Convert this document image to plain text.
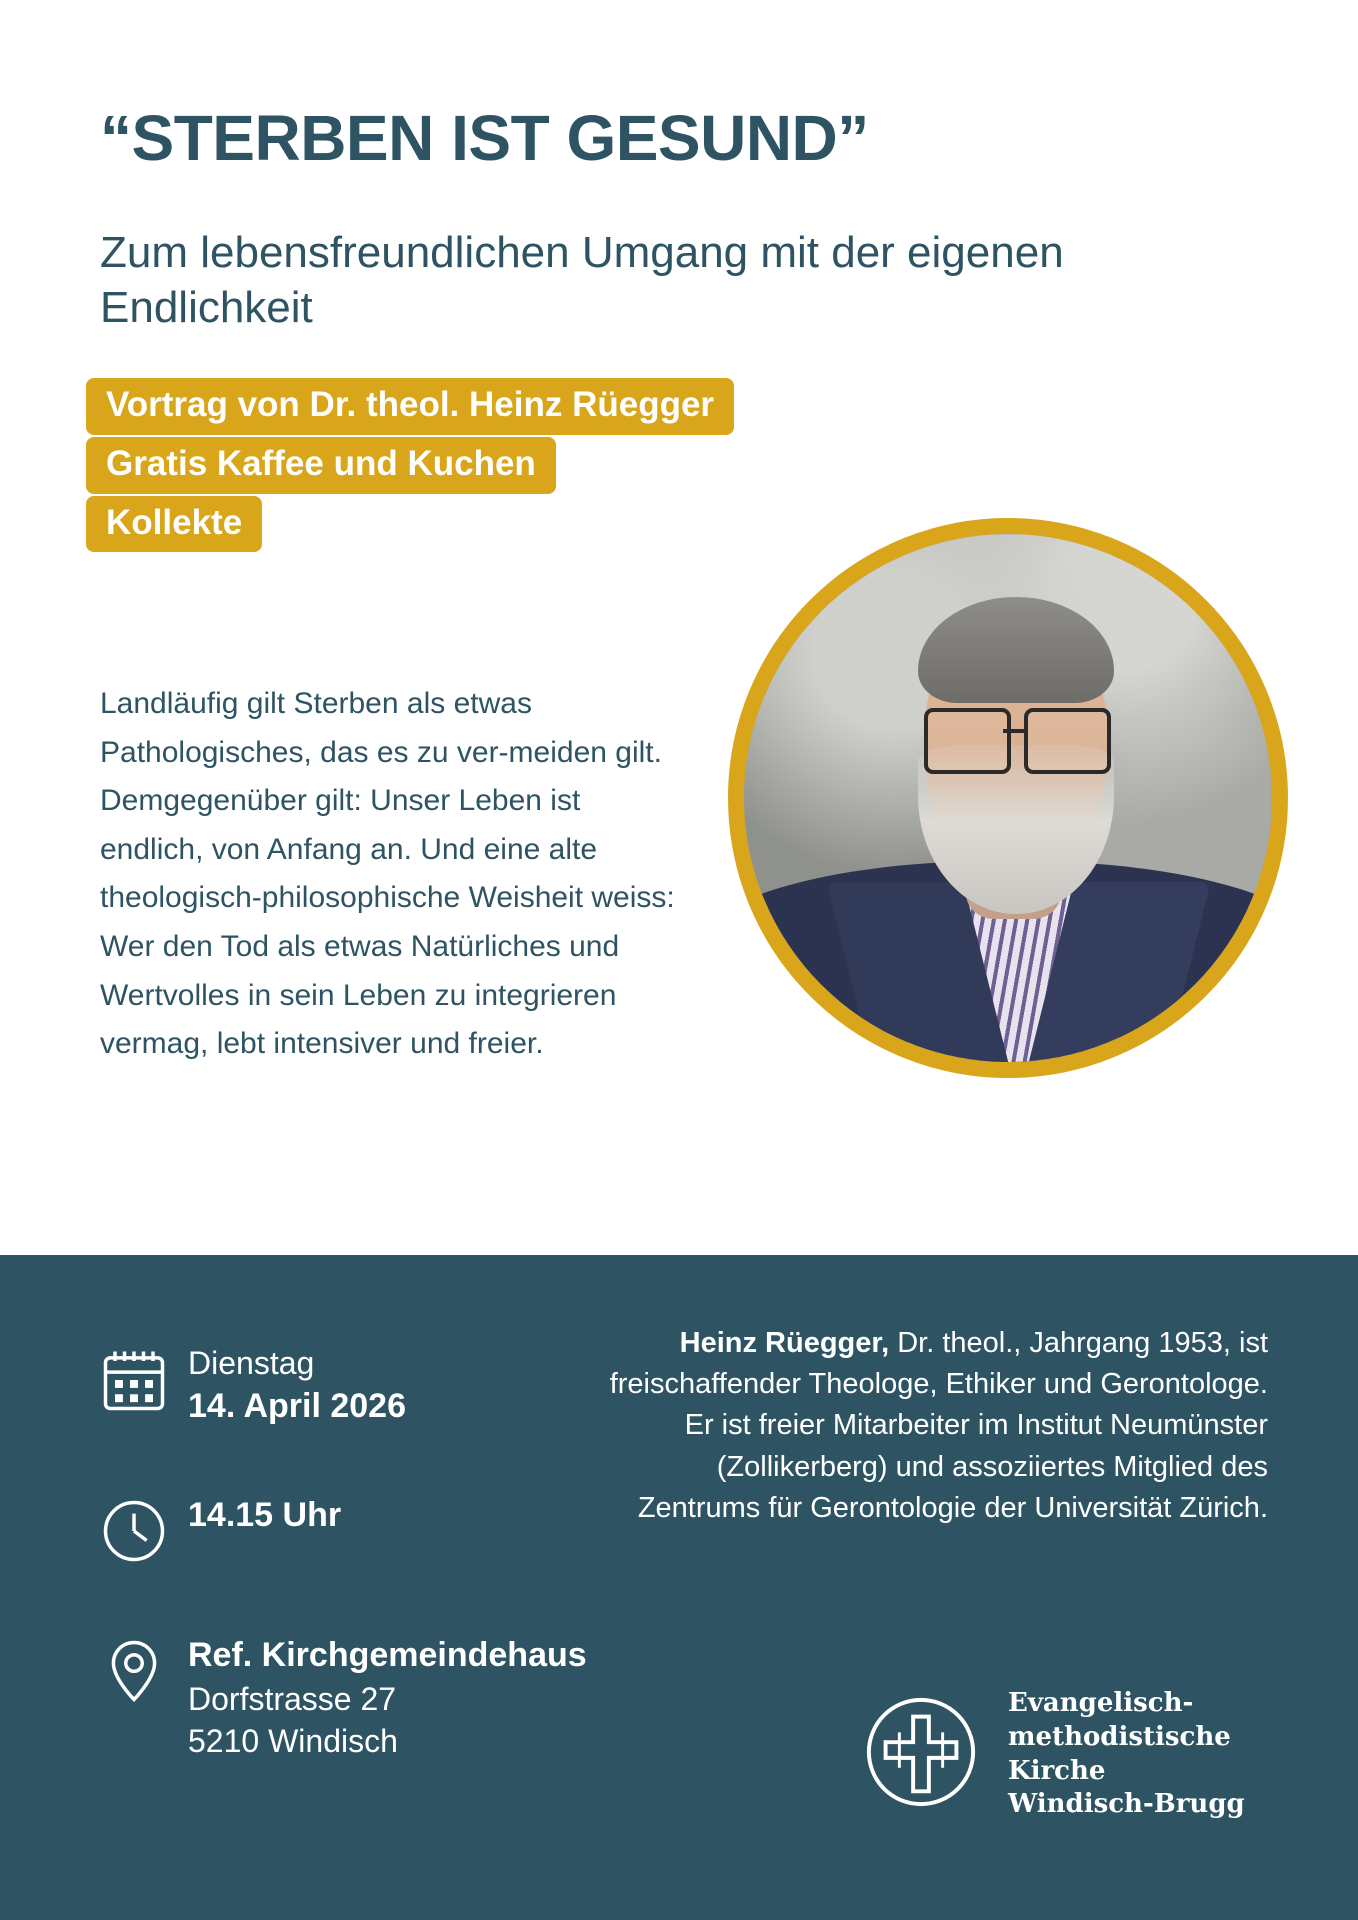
“STERBEN IST GESUND”
Zum lebensfreundlichen Umgang mit der eigenen Endlichkeit
Vortrag von Dr. theol. Heinz Rüegger
Gratis Kaffee und Kuchen
Kollekte

Landläufig gilt Sterben als etwas Pathologisches, das es zu ver-meiden gilt. Demgegenüber gilt: Unser Leben ist endlich, von Anfang an. Und eine alte theologisch-philosophische Weisheit weiss: Wer den Tod als etwas Natürliches und Wertvolles in sein Leben zu integrieren vermag, lebt intensiver und freier.

Dienstag
14. April 2026
14.15 Uhr
Ref. Kirchgemeindehaus
Dorfstrasse 27
5210 Windisch
Heinz Rüegger, Dr. theol., Jahrgang 1953, ist freischaffender Theologe, Ethiker und Gerontologe. Er ist freier Mitarbeiter im Institut Neumünster (Zollikerberg) und assoziiertes Mitglied des Zentrums für Gerontologie der Universität Zürich.
Evangelisch-
methodistische
Kirche
Windisch-Brugg
